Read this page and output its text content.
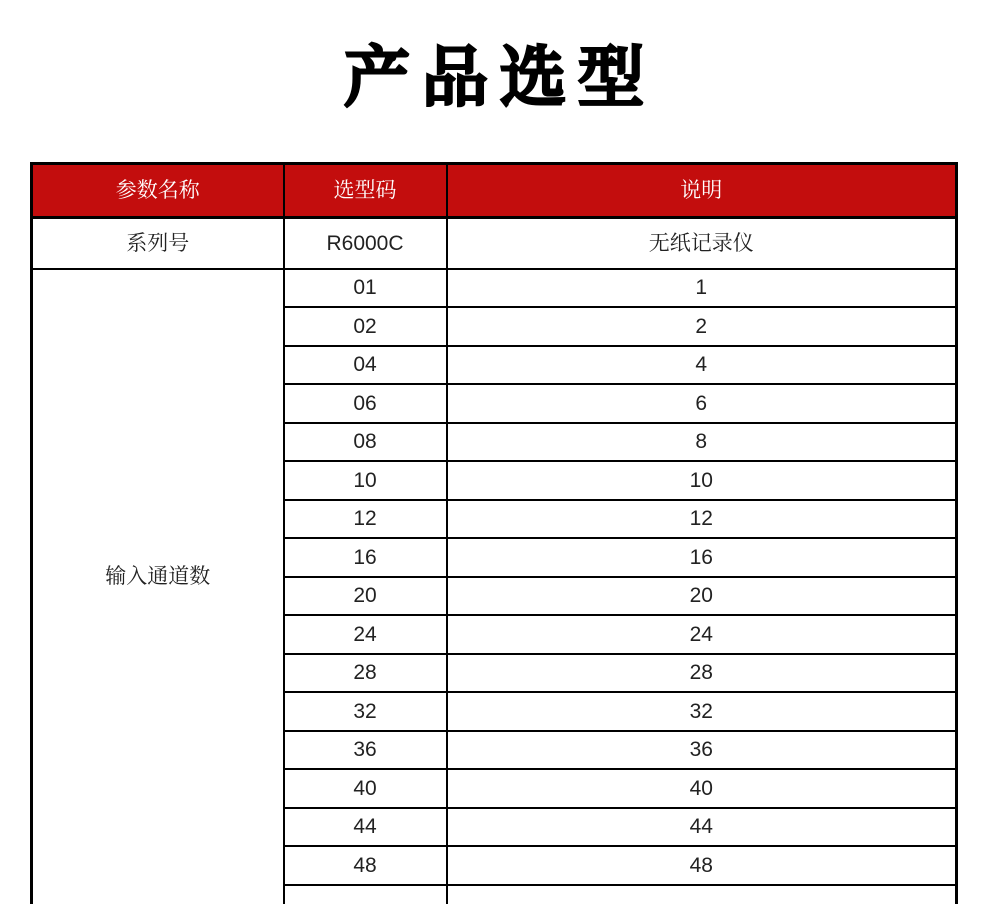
产品选型
参数名称	选型码	说明
系列号	R6000C	无纸记录仪
输入通道数	01	1
	02	2
	04	4
	06	6
	08	8
	10	10
	12	12
	16	16
	20	20
	24	24
	28	28
	32	32
	36	36
	40	40
	44	44
	48	48
